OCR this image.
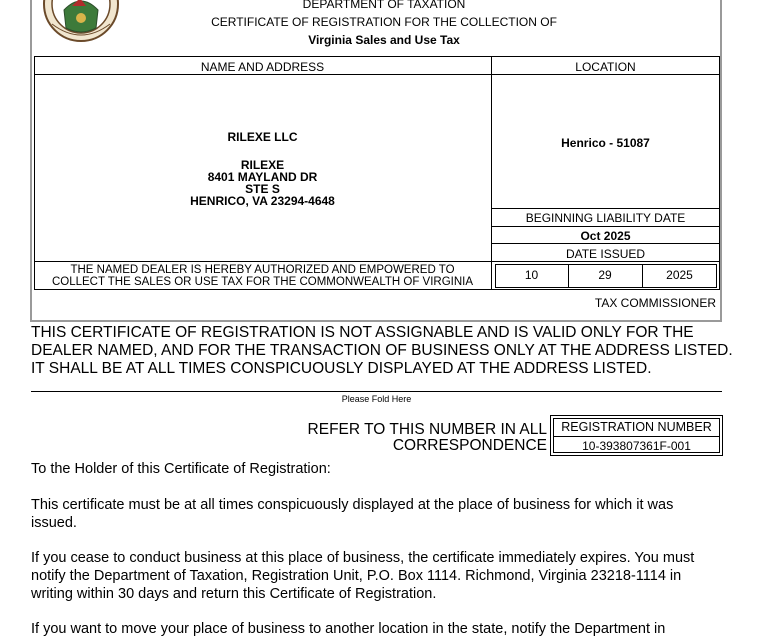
DEPARTMENT OF TAXATION
CERTIFICATE OF REGISTRATION FOR THE COLLECTION OF
Virginia Sales and Use Tax
NAME AND ADDRESS	LOCATION
RILEXE LLC
RILEXE
8401 MAYLAND DR
STE S
HENRICO, VA 23294-4648
Henrico - 51087
BEGINNING LIABILITY DATE
Oct 2025
DATE ISSUED
10	29	2025
THE NAMED DEALER IS HEREBY AUTHORIZED AND EMPOWERED TO
COLLECT THE SALES OR USE TAX FOR THE COMMONWEALTH OF VIRGINIA
TAX COMMISSIONER
THIS CERTIFICATE OF REGISTRATION IS NOT ASSIGNABLE AND IS VALID ONLY FOR THE
DEALER NAMED, AND FOR THE TRANSACTION OF BUSINESS ONLY AT THE ADDRESS LISTED.
IT SHALL BE AT ALL TIMES CONSPICUOUSLY DISPLAYED AT THE ADDRESS LISTED.
Please Fold Here
REFER TO THIS NUMBER IN ALL
CORRESPONDENCE
REGISTRATION NUMBER
10-393807361F-001
To the Holder of this Certificate of Registration:
This certificate must be at all times conspicuously displayed at the place of business for which it was
issued.
If you cease to conduct business at this place of business, the certificate immediately expires. You must
notify the Department of Taxation, Registration Unit, P.O. Box 1114. Richmond, Virginia 23218-1114 in
writing within 30 days and return this Certificate of Registration.
If you want to move your place of business to another location in the state, notify the Department in
